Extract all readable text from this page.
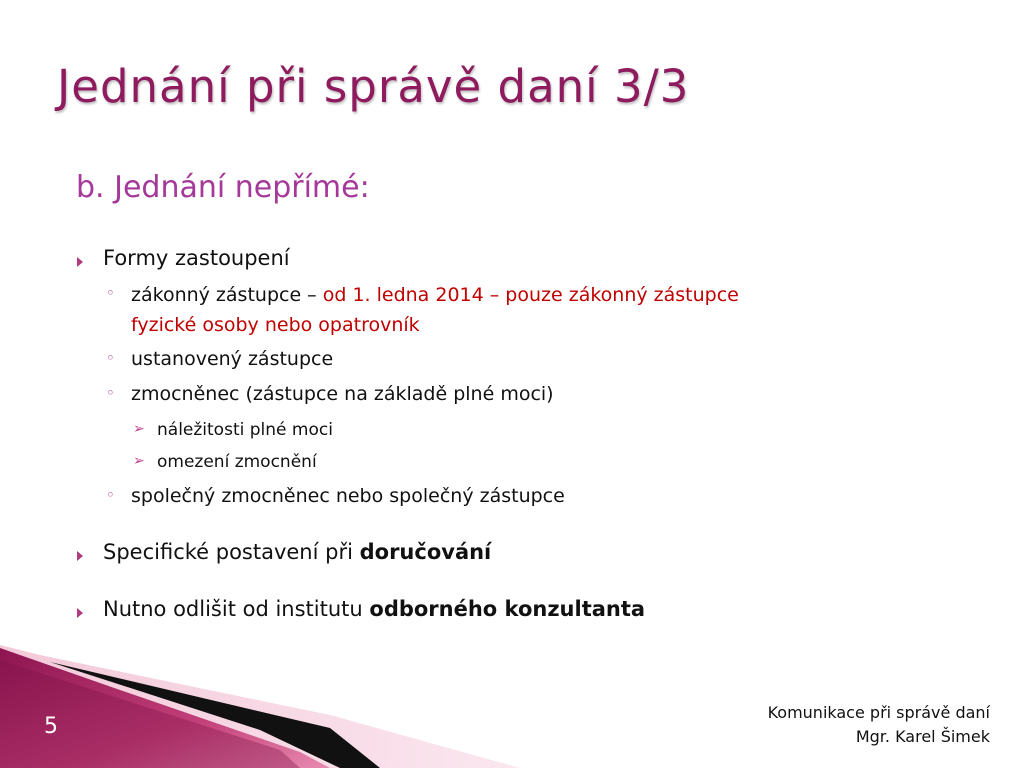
Jednání při správě daní 3/3
b. Jednání nepřímé:
Formy zastoupení
◦ zákonný zástupce – od 1. ledna 2014 – pouze zákonný zástupce
fyzické osoby nebo opatrovník
◦ ustanovený zástupce
◦ zmocněnec (zástupce na základě plné moci)
➢ náležitosti plné moci
➢ omezení zmocnění
◦ společný zmocněnec nebo společný zástupce
Specifické postavení při doručování
Nutno odlišit od institutu odborného konzultanta
5
Komunikace při správě daní
Mgr. Karel Šimek
